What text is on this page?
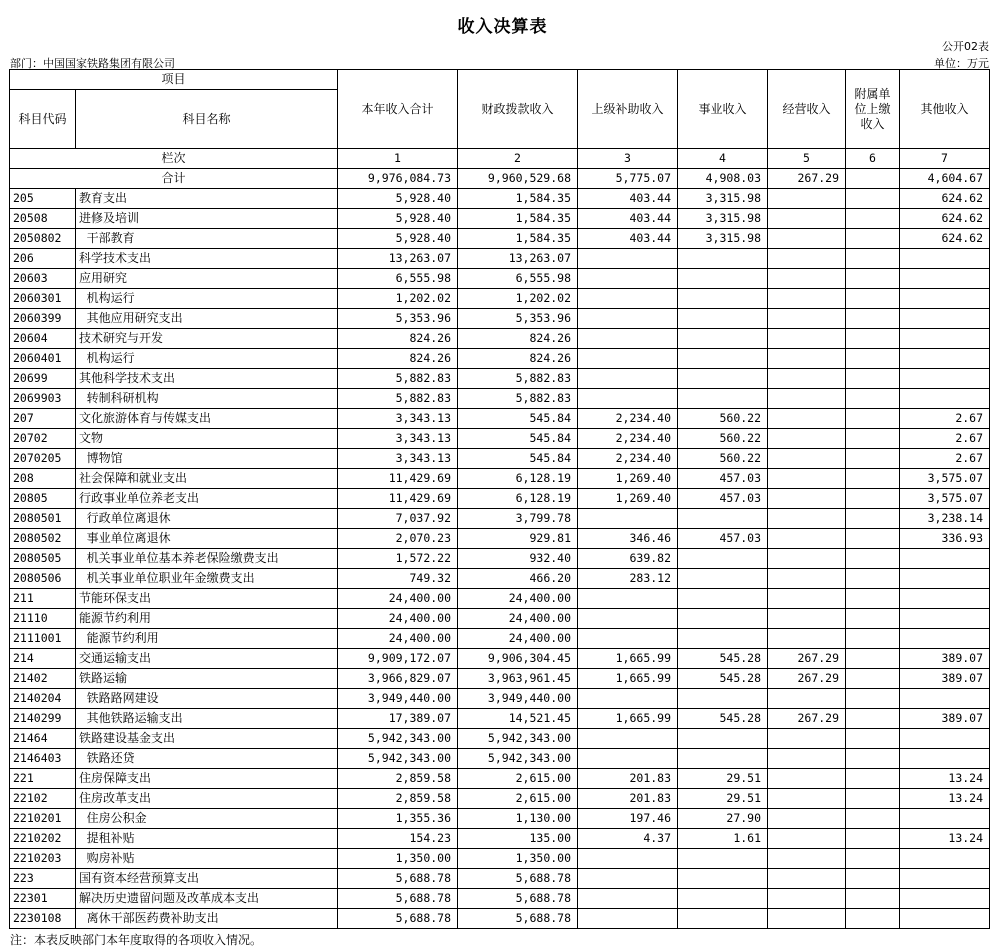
收入决算表
公开02表
部门：中国国家铁路集团有限公司	单位：万元
项目		本年收入合计	财政拨款收入	上级补助收入	事业收入	经营收入	附属单位上缴收入	其他收入
科目代码	科目名称							
栏次		1	2	3	4	5	6	7
合计		9,976,084.73	9,960,529.68	5,775.07	4,908.03	267.29		4,604.67
205	教育支出	5,928.40	1,584.35	403.44	3,315.98			624.62
20508	进修及培训	5,928.40	1,584.35	403.44	3,315.98			624.62
2050802	干部教育	5,928.40	1,584.35	403.44	3,315.98			624.62
206	科学技术支出	13,263.07	13,263.07					
20603	应用研究	6,555.98	6,555.98					
2060301	机构运行	1,202.02	1,202.02					
2060399	其他应用研究支出	5,353.96	5,353.96					
20604	技术研究与开发	824.26	824.26					
2060401	机构运行	824.26	824.26					
20699	其他科学技术支出	5,882.83	5,882.83					
2069903	转制科研机构	5,882.83	5,882.83					
207	文化旅游体育与传媒支出	3,343.13	545.84	2,234.40	560.22			2.67
20702	文物	3,343.13	545.84	2,234.40	560.22			2.67
2070205	博物馆	3,343.13	545.84	2,234.40	560.22			2.67
208	社会保障和就业支出	11,429.69	6,128.19	1,269.40	457.03			3,575.07
20805	行政事业单位养老支出	11,429.69	6,128.19	1,269.40	457.03			3,575.07
2080501	行政单位离退休	7,037.92	3,799.78					3,238.14
2080502	事业单位离退休	2,070.23	929.81	346.46	457.03			336.93
2080505	机关事业单位基本养老保险缴费支出	1,572.22	932.40	639.82				
2080506	机关事业单位职业年金缴费支出	749.32	466.20	283.12				
211	节能环保支出	24,400.00	24,400.00					
21110	能源节约利用	24,400.00	24,400.00					
2111001	能源节约利用	24,400.00	24,400.00					
214	交通运输支出	9,909,172.07	9,906,304.45	1,665.99	545.28	267.29		389.07
21402	铁路运输	3,966,829.07	3,963,961.45	1,665.99	545.28	267.29		389.07
2140204	铁路路网建设	3,949,440.00	3,949,440.00					
2140299	其他铁路运输支出	17,389.07	14,521.45	1,665.99	545.28	267.29		389.07
21464	铁路建设基金支出	5,942,343.00	5,942,343.00					
2146403	铁路还贷	5,942,343.00	5,942,343.00					
221	住房保障支出	2,859.58	2,615.00	201.83	29.51			13.24
22102	住房改革支出	2,859.58	2,615.00	201.83	29.51			13.24
2210201	住房公积金	1,355.36	1,130.00	197.46	27.90			
2210202	提租补贴	154.23	135.00	4.37	1.61			13.24
2210203	购房补贴	1,350.00	1,350.00					
223	国有资本经营预算支出	5,688.78	5,688.78					
22301	解决历史遗留问题及改革成本支出	5,688.78	5,688.78					
2230108	离休干部医药费补助支出	5,688.78	5,688.78					
注：本表反映部门本年度取得的各项收入情况。
